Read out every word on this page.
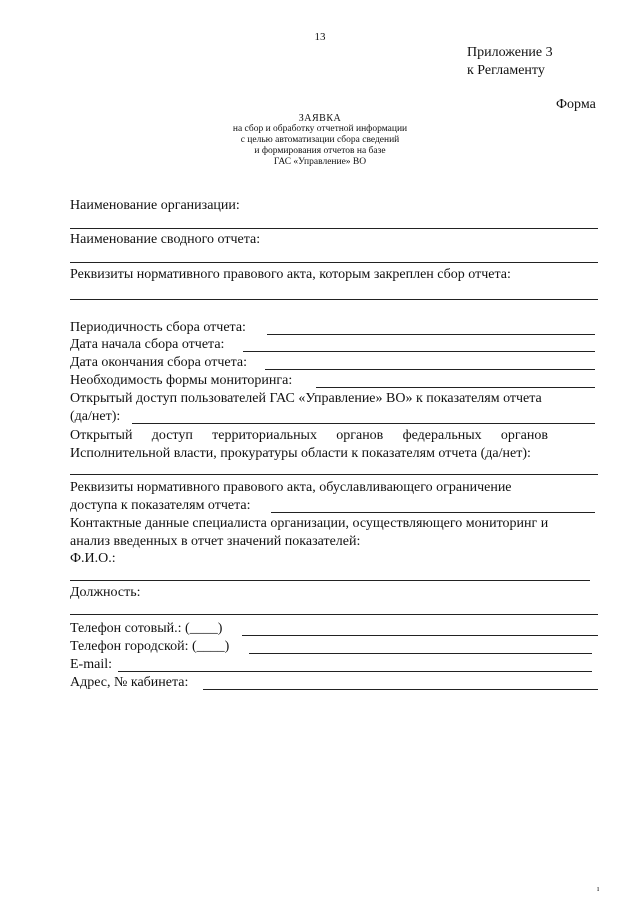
13
Приложение 3
к Регламенту
Форма
ЗАЯВКА
на сбор и обработку отчетной информации
с целью автоматизации сбора сведений
и формирования отчетов на базе
ГАС «Управление» ВО
Наименование организации:
Наименование сводного отчета:
Реквизиты нормативного правового акта, которым закреплен сбор отчета:
Периодичность сбора отчета:
Дата начала сбора отчета:
Дата окончания сбора отчета:
Необходимость формы мониторинга:
Открытый доступ пользователей ГАС «Управление» ВО» к показателям отчета
(да/нет):
Открытый доступ территориальных органов федеральных органов
Исполнительной власти, прокуратуры области к показателям отчета (да/нет):
Реквизиты нормативного правового акта, обуславливающего ограничение
доступа к показателям отчета:
Контактные данные специалиста организации, осуществляющего мониторинг и
анализ введенных в отчет значений показателей:
Ф.И.О.:
Должность:
Телефон сотовый.: (____)
Телефон городской: (____)
E-mail:
Адрес, № кабинета:
ı
